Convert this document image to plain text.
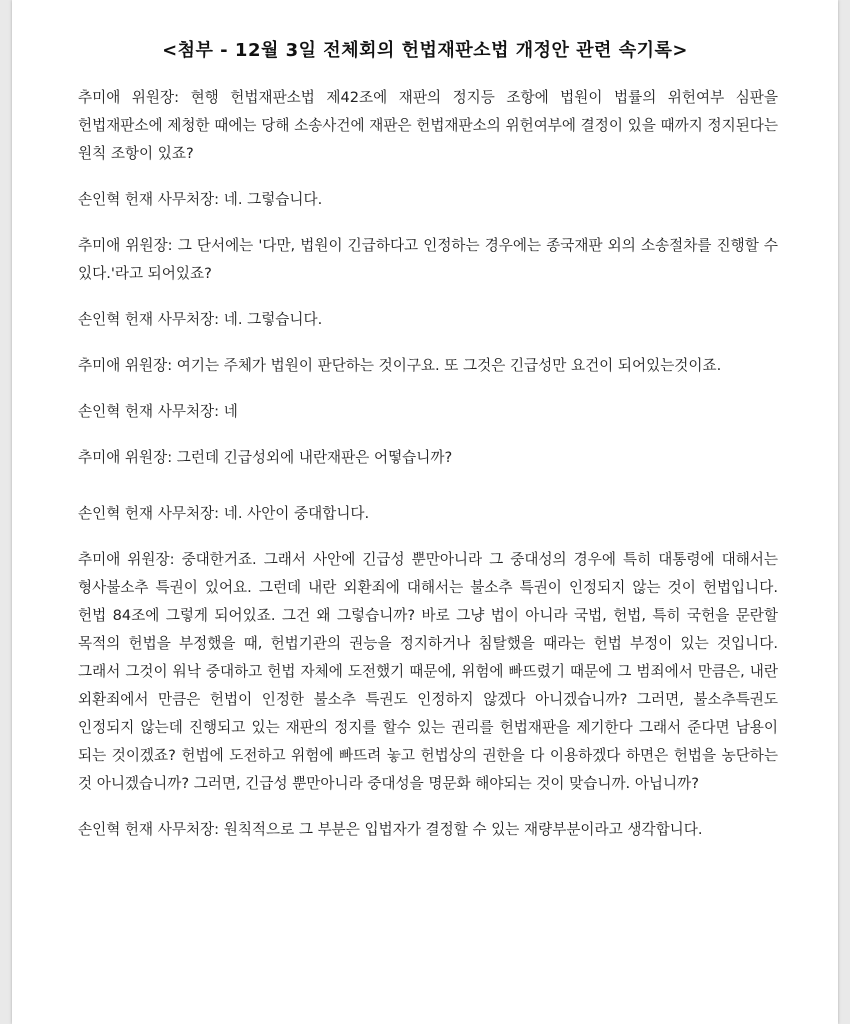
<첨부 - 12월 3일 전체회의 헌법재판소법 개정안 관련 속기록>

추미애 위원장: 현행 헌법재판소법 제42조에 재판의 정지등 조항에 법원이 법률의 위헌여부 심판을 헌법재판소에 제청한 때에는 당해 소송사건에 재판은 헌법재판소의 위헌여부에 결정이 있을 때까지 정지된다는 원칙 조항이 있죠?

손인혁 헌재 사무처장: 네. 그렇습니다.

추미애 위원장: 그 단서에는 '다만, 법원이 긴급하다고 인정하는 경우에는 종국재판 외의 소송절차를 진행할 수 있다.'라고 되어있죠?

손인혁 헌재 사무처장: 네. 그렇습니다.

추미애 위원장: 여기는 주체가 법원이 판단하는 것이구요. 또 그것은 긴급성만 요건이 되어있는것이죠.

손인혁 헌재 사무처장: 네

추미애 위원장: 그런데 긴급성외에 내란재판은 어떻습니까?

손인혁 헌재 사무처장: 네. 사안이 중대합니다.

추미애 위원장: 중대한거죠. 그래서 사안에 긴급성 뿐만아니라 그 중대성의 경우에 특히 대통령에 대해서는 형사불소추 특권이 있어요. 그런데 내란 외환죄에 대해서는 불소추 특권이 인정되지 않는 것이 헌법입니다. 헌법 84조에 그렇게 되어있죠. 그건 왜 그렇습니까? 바로 그냥 법이 아니라 국법, 헌법, 특히 국헌을 문란할 목적의 헌법을 부정했을 때, 헌법기관의 권능을 정지하거나 침탈했을 때라는 헌법 부정이 있는 것입니다. 그래서 그것이 워낙 중대하고 헌법 자체에 도전했기 때문에, 위험에 빠뜨렸기 때문에 그 범죄에서 만큼은, 내란 외환죄에서 만큼은 헌법이 인정한 불소추 특권도 인정하지 않겠다 아니겠습니까? 그러면, 불소추특권도 인정되지 않는데 진행되고 있는 재판의 정지를 할수 있는 권리를 헌법재판을 제기한다 그래서 준다면 남용이 되는 것이겠죠? 헌법에 도전하고 위험에 빠뜨려 놓고 헌법상의 권한을 다 이용하겠다 하면은 헌법을 농단하는 것 아니겠습니까? 그러면, 긴급성 뿐만아니라 중대성을 명문화 해야되는 것이 맞습니까. 아닙니까?

손인혁 헌재 사무처장: 원칙적으로 그 부분은 입법자가 결정할 수 있는 재량부분이라고 생각합니다.
